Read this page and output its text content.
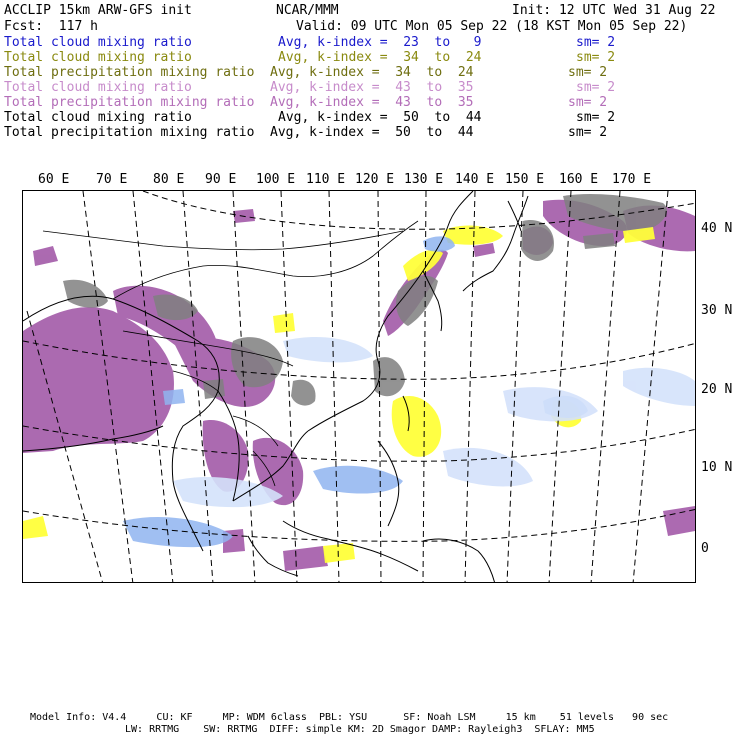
ACCLIP 15km ARW-GFS init	NCAR/MMM	Init: 12 UTC Wed 31 Aug 22
Fcst:  117 h	Valid: 09 UTC Mon 05 Sep 22 (18 KST Mon 05 Sep 22)
Total cloud mixing ratio	Avg, k-index =  23  to   9	sm= 2
Total cloud mixing ratio	Avg, k-index =  34  to  24	sm= 2
Total precipitation mixing ratio Avg, k-index =  34  to  24	sm= 2
Total cloud mixing ratio	Avg, k-index =  43  to  35	sm= 2
Total precipitation mixing ratio Avg, k-index =  43  to  35	sm= 2
Total cloud mixing ratio	Avg, k-index =  50  to  44	sm= 2
Total precipitation mixing ratio Avg, k-index =  50  to  44	sm= 2
60 E 70 E 80 E 90 E 100 E 110 E 120 E 130 E 140 E 150 E 160 E 170 E
40 N
30 N
20 N
10 N
0
Model Info: V4.4     CU: KF     MP: WDM 6class  PBL: YSU      SF: Noah LSM     15 km    51 levels   90 sec
LW: RRTMG    SW: RRTMG  DIFF: simple KM: 2D Smagor DAMP: Rayleigh3  SFLAY: MM5
